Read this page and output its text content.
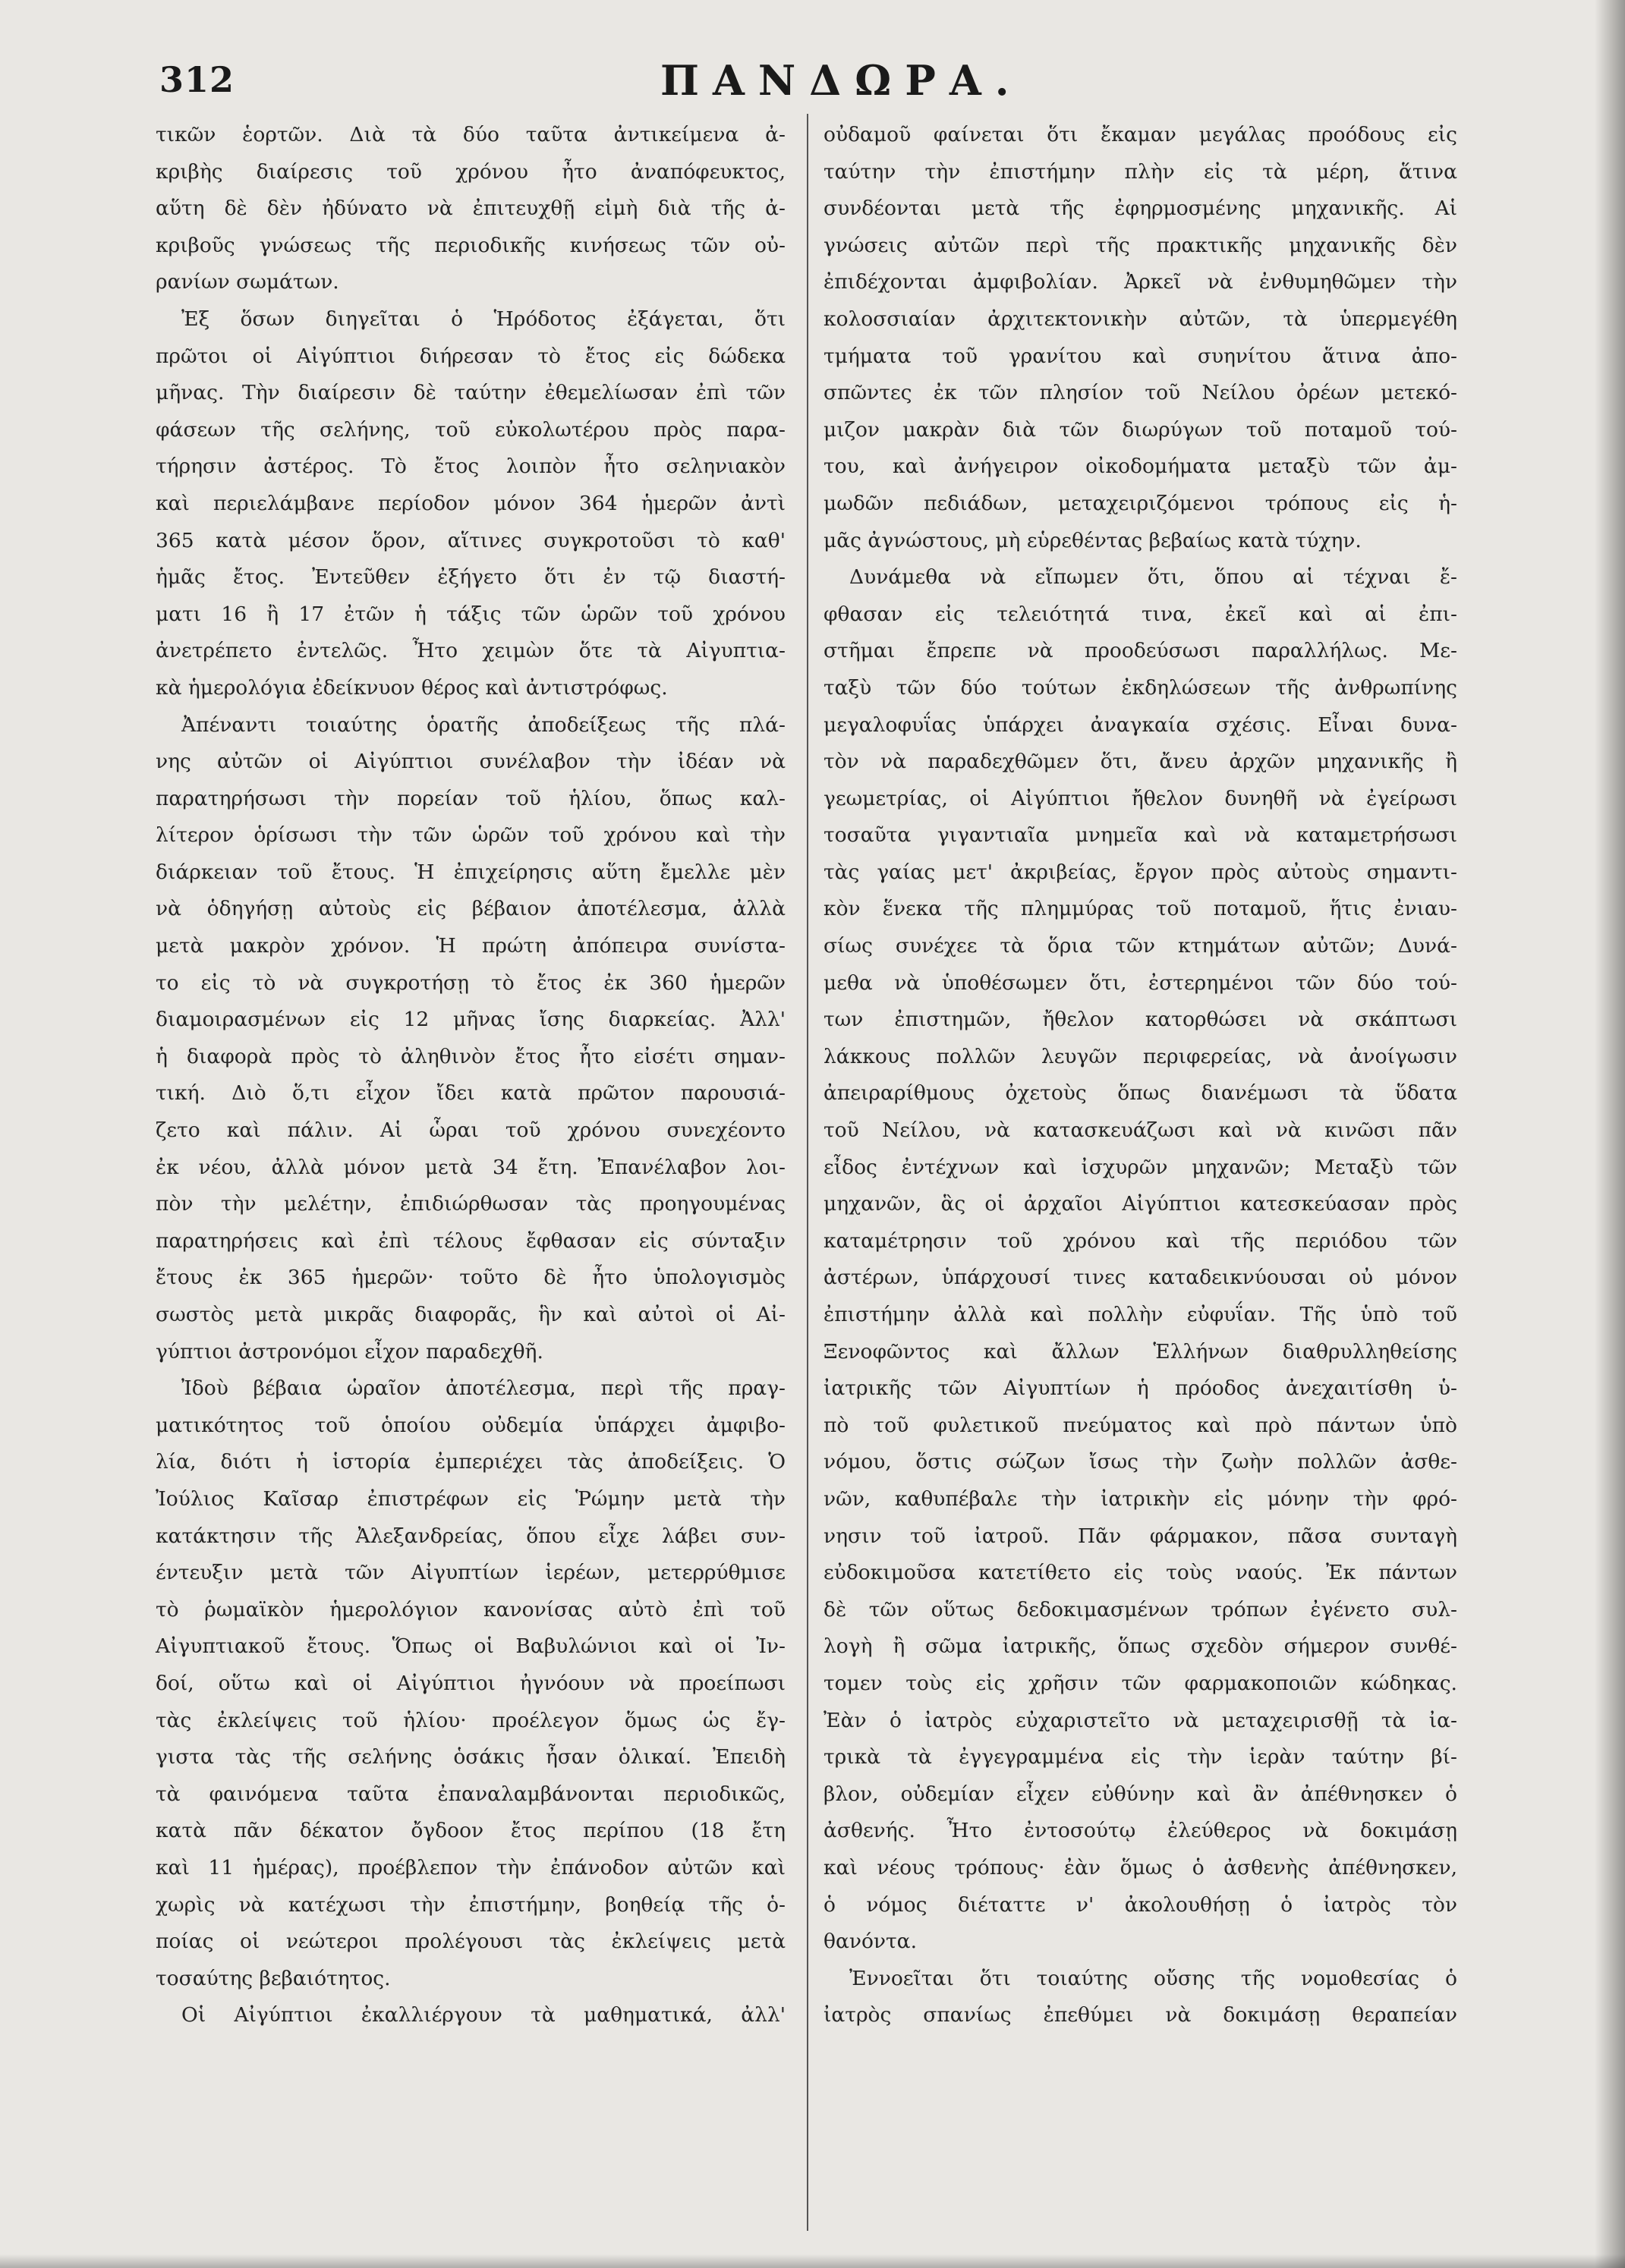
312	ΠΑΝΔΩΡΑ.
τικῶν ἑορτῶν. Διὰ τὰ δύο ταῦτα ἀντικείμενα ἀ-
κριβὴς διαίρεσις τοῦ χρόνου ἦτο ἀναπόφευκτος,
αὕτη δὲ δὲν ἠδύνατο νὰ ἐπιτευχθῇ εἰμὴ διὰ τῆς ἀ-
κριβοῦς γνώσεως τῆς περιοδικῆς κινήσεως τῶν οὐ-
ρανίων σωμάτων.
Ἐξ ὅσων διηγεῖται ὁ Ἡρόδοτος ἐξάγεται, ὅτι
πρῶτοι οἱ Αἰγύπτιοι διήρεσαν τὸ ἔτος εἰς δώδεκα
μῆνας. Τὴν διαίρεσιν δὲ ταύτην ἐθεμελίωσαν ἐπὶ τῶν
φάσεων τῆς σελήνης, τοῦ εὐκολωτέρου πρὸς παρα-
τήρησιν ἀστέρος. Τὸ ἔτος λοιπὸν ἦτο σεληνιακὸν
καὶ περιελάμβανε περίοδον μόνον 364 ἡμερῶν ἀντὶ
365 κατὰ μέσον ὅρον, αἵτινες συγκροτοῦσι τὸ καθ'
ἡμᾶς ἔτος. Ἐντεῦθεν ἐξήγετο ὅτι ἐν τῷ διαστή-
ματι 16 ἢ 17 ἐτῶν ἡ τάξις τῶν ὡρῶν τοῦ χρόνου
ἀνετρέπετο ἐντελῶς. Ἦτο χειμὼν ὅτε τὰ Αἰγυπτια-
κὰ ἡμερολόγια ἐδείκνυον θέρος καὶ ἀντιστρόφως.
Ἀπέναντι τοιαύτης ὁρατῆς ἀποδείξεως τῆς πλά-
νης αὐτῶν οἱ Αἰγύπτιοι συνέλαβον τὴν ἰδέαν νὰ
παρατηρήσωσι τὴν πορείαν τοῦ ἡλίου, ὅπως καλ-
λίτερον ὁρίσωσι τὴν τῶν ὡρῶν τοῦ χρόνου καὶ τὴν
διάρκειαν τοῦ ἔτους. Ἡ ἐπιχείρησις αὕτη ἔμελλε μὲν
νὰ ὁδηγήσῃ αὐτοὺς εἰς βέβαιον ἀποτέλεσμα, ἀλλὰ
μετὰ μακρὸν χρόνον. Ἡ πρώτη ἀπόπειρα συνίστα-
το εἰς τὸ νὰ συγκροτήσῃ τὸ ἔτος ἐκ 360 ἡμερῶν
διαμοιρασμένων εἰς 12 μῆνας ἴσης διαρκείας. Ἀλλ'
ἡ διαφορὰ πρὸς τὸ ἀληθινὸν ἔτος ἦτο εἰσέτι σημαν-
τική. Διὸ ὅ,τι εἶχον ἴδει κατὰ πρῶτον παρουσιά-
ζετο καὶ πάλιν. Αἱ ὧραι τοῦ χρόνου συνεχέοντο
ἐκ νέου, ἀλλὰ μόνον μετὰ 34 ἔτη. Ἐπανέλαβον λοι-
πὸν τὴν μελέτην, ἐπιδιώρθωσαν τὰς προηγουμένας
παρατηρήσεις καὶ ἐπὶ τέλους ἔφθασαν εἰς σύνταξιν
ἔτους ἐκ 365 ἡμερῶν· τοῦτο δὲ ἦτο ὑπολογισμὸς
σωστὸς μετὰ μικρᾶς διαφορᾶς, ἣν καὶ αὐτοὶ οἱ Αἰ-
γύπτιοι ἀστρονόμοι εἶχον παραδεχθῆ.
Ἰδοὺ βέβαια ὡραῖον ἀποτέλεσμα, περὶ τῆς πραγ-
ματικότητος τοῦ ὁποίου οὐδεμία ὑπάρχει ἀμφιβο-
λία, διότι ἡ ἱστορία ἐμπεριέχει τὰς ἀποδείξεις. Ὁ
Ἰούλιος Καῖσαρ ἐπιστρέφων εἰς Ῥώμην μετὰ τὴν
κατάκτησιν τῆς Ἀλεξανδρείας, ὅπου εἶχε λάβει συν-
έντευξιν μετὰ τῶν Αἰγυπτίων ἱερέων, μετερρύθμισε
τὸ ῥωμαϊκὸν ἡμερολόγιον κανονίσας αὐτὸ ἐπὶ τοῦ
Αἰγυπτιακοῦ ἔτους. Ὅπως οἱ Βαβυλώνιοι καὶ οἱ Ἰν-
δοί, οὕτω καὶ οἱ Αἰγύπτιοι ἠγνόουν νὰ προείπωσι
τὰς ἐκλείψεις τοῦ ἡλίου· προέλεγον ὅμως ὡς ἔγ-
γιστα τὰς τῆς σελήνης ὁσάκις ἦσαν ὁλικαί. Ἐπειδὴ
τὰ φαινόμενα ταῦτα ἐπαναλαμβάνονται περιοδικῶς,
κατὰ πᾶν δέκατον ὄγδοον ἔτος περίπου (18 ἔτη
καὶ 11 ἡμέρας), προέβλεπον τὴν ἐπάνοδον αὐτῶν καὶ
χωρὶς νὰ κατέχωσι τὴν ἐπιστήμην, βοηθείᾳ τῆς ὁ-
ποίας οἱ νεώτεροι προλέγουσι τὰς ἐκλείψεις μετὰ
τοσαύτης βεβαιότητος.
Οἱ Αἰγύπτιοι ἐκαλλιέργουν τὰ μαθηματικά, ἀλλ'
οὐδαμοῦ φαίνεται ὅτι ἔκαμαν μεγάλας προόδους εἰς
ταύτην τὴν ἐπιστήμην πλὴν εἰς τὰ μέρη, ἅτινα
συνδέονται μετὰ τῆς ἐφηρμοσμένης μηχανικῆς. Αἱ
γνώσεις αὐτῶν περὶ τῆς πρακτικῆς μηχανικῆς δὲν
ἐπιδέχονται ἀμφιβολίαν. Ἀρκεῖ νὰ ἐνθυμηθῶμεν τὴν
κολοσσιαίαν ἀρχιτεκτονικὴν αὐτῶν, τὰ ὑπερμεγέθη
τμήματα τοῦ γρανίτου καὶ συηνίτου ἅτινα ἀπο-
σπῶντες ἐκ τῶν πλησίον τοῦ Νείλου ὀρέων μετεκό-
μιζον μακρὰν διὰ τῶν διωρύγων τοῦ ποταμοῦ τού-
του, καὶ ἀνήγειρον οἰκοδομήματα μεταξὺ τῶν ἀμ-
μωδῶν πεδιάδων, μεταχειριζόμενοι τρόπους εἰς ἡ-
μᾶς ἀγνώστους, μὴ εὑρεθέντας βεβαίως κατὰ τύχην.
Δυνάμεθα νὰ εἴπωμεν ὅτι, ὅπου αἱ τέχναι ἔ-
φθασαν εἰς τελειότητά τινα, ἐκεῖ καὶ αἱ ἐπι-
στῆμαι ἔπρεπε νὰ προοδεύσωσι παραλλήλως. Με-
ταξὺ τῶν δύο τούτων ἐκδηλώσεων τῆς ἀνθρωπίνης
μεγαλοφυΐας ὑπάρχει ἀναγκαία σχέσις. Εἶναι δυνα-
τὸν νὰ παραδεχθῶμεν ὅτι, ἄνευ ἀρχῶν μηχανικῆς ἢ
γεωμετρίας, οἱ Αἰγύπτιοι ἤθελον δυνηθῆ νὰ ἐγείρωσι
τοσαῦτα γιγαντιαῖα μνημεῖα καὶ νὰ καταμετρήσωσι
τὰς γαίας μετ' ἀκριβείας, ἔργον πρὸς αὐτοὺς σημαντι-
κὸν ἕνεκα τῆς πλημμύρας τοῦ ποταμοῦ, ἥτις ἐνιαυ-
σίως συνέχεε τὰ ὅρια τῶν κτημάτων αὐτῶν; Δυνά-
μεθα νὰ ὑποθέσωμεν ὅτι, ἐστερημένοι τῶν δύο τού-
των ἐπιστημῶν, ἤθελον κατορθώσει νὰ σκάπτωσι
λάκκους πολλῶν λευγῶν περιφερείας, νὰ ἀνοίγωσιν
ἀπειραρίθμους ὀχετοὺς ὅπως διανέμωσι τὰ ὕδατα
τοῦ Νείλου, νὰ κατασκευάζωσι καὶ νὰ κινῶσι πᾶν
εἶδος ἐντέχνων καὶ ἰσχυρῶν μηχανῶν; Μεταξὺ τῶν
μηχανῶν, ἃς οἱ ἀρχαῖοι Αἰγύπτιοι κατεσκεύασαν πρὸς
καταμέτρησιν τοῦ χρόνου καὶ τῆς περιόδου τῶν
ἀστέρων, ὑπάρχουσί τινες καταδεικνύουσαι οὐ μόνον
ἐπιστήμην ἀλλὰ καὶ πολλὴν εὐφυΐαν. Τῆς ὑπὸ τοῦ
Ξενοφῶντος καὶ ἄλλων Ἑλλήνων διαθρυλληθείσης
ἰατρικῆς τῶν Αἰγυπτίων ἡ πρόοδος ἀνεχαιτίσθη ὑ-
πὸ τοῦ φυλετικοῦ πνεύματος καὶ πρὸ πάντων ὑπὸ
νόμου, ὅστις σώζων ἴσως τὴν ζωὴν πολλῶν ἀσθε-
νῶν, καθυπέβαλε τὴν ἰατρικὴν εἰς μόνην τὴν φρό-
νησιν τοῦ ἰατροῦ. Πᾶν φάρμακον, πᾶσα συνταγὴ
εὐδοκιμοῦσα κατετίθετο εἰς τοὺς ναούς. Ἐκ πάντων
δὲ τῶν οὕτως δεδοκιμασμένων τρόπων ἐγένετο συλ-
λογὴ ἢ σῶμα ἰατρικῆς, ὅπως σχεδὸν σήμερον συνθέ-
τομεν τοὺς εἰς χρῆσιν τῶν φαρμακοποιῶν κώδηκας.
Ἐὰν ὁ ἰατρὸς εὐχαριστεῖτο νὰ μεταχειρισθῇ τὰ ἰα-
τρικὰ τὰ ἐγγεγραμμένα εἰς τὴν ἱερὰν ταύτην βί-
βλον, οὐδεμίαν εἶχεν εὐθύνην καὶ ἂν ἀπέθνησκεν ὁ
ἀσθενής. Ἦτο ἐντοσούτῳ ἐλεύθερος νὰ δοκιμάσῃ
καὶ νέους τρόπους· ἐὰν ὅμως ὁ ἀσθενὴς ἀπέθνησκεν,
ὁ νόμος διέταττε ν' ἀκολουθήσῃ ὁ ἰατρὸς τὸν
θανόντα.
Ἐννοεῖται ὅτι τοιαύτης οὔσης τῆς νομοθεσίας ὁ
ἰατρὸς σπανίως ἐπεθύμει νὰ δοκιμάσῃ θεραπείαν
